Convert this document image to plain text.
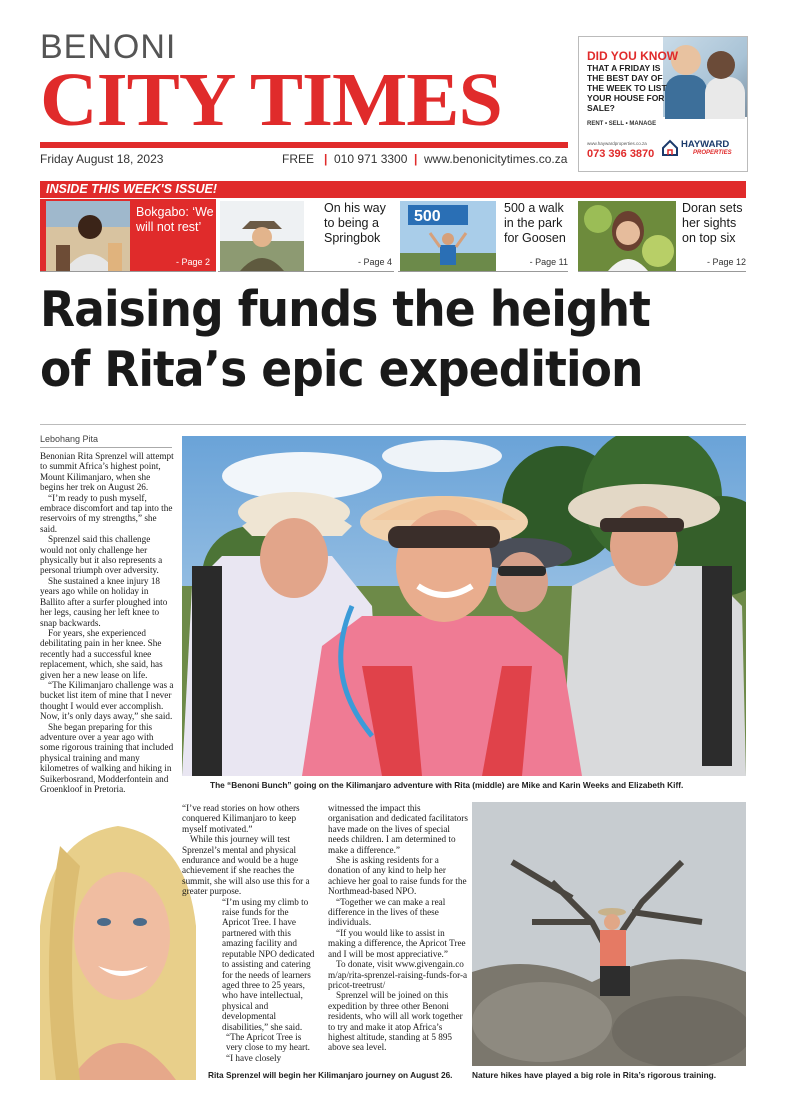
BENONI
CITY TIMES
Friday August 18, 2023	FREE | 010 971 3300 | www.benonicitytimes.co.za
DID YOU KNOW
THAT A FRIDAY IS THE BEST DAY OF THE WEEK TO LIST YOUR HOUSE FOR SALE?
RENT • SELL • MANAGE
www.haywardproperties.co.za
073 396 3870
HAYWARD
PROPERTIES
INSIDE THIS WEEK'S ISSUE!
Bokgabo: ‘We will not rest’
- Page 2
On his way to being a Springbok
- Page 4
500	500 a walk in the park for Goosen
- Page 11
Doran sets her sights on top six
- Page 12
Raising funds the height
of Rita’s epic expedition
Lebohang Pita

Benonian Rita Sprenzel will attempt to summit Africa’s highest point, Mount Kilimanjaro, when she begins her trek on August 26.

“I’m ready to push myself, embrace discomfort and tap into the reservoirs of my strengths,” she said.

Sprenzel said this challenge would not only challenge her physically but it also represents a personal triumph over adversity.

She sustained a knee injury 18 years ago while on holiday in Ballito after a surfer ploughed into her legs, causing her left knee to snap backwards.

For years, she experienced debilitating pain in her knee. She recently had a successful knee replacement, which, she said, has given her a new lease on life.

“The Kilimanjaro challenge was a bucket list item of mine that I never thought I would ever accomplish. Now, it’s only days away,” she said.

She began preparing for this adventure over a year ago with some rigorous training that included physical training and many kilometres of walking and hiking in Suikerbosrand, Modderfontein and Groenkloof in Pretoria.	The “Benoni Bunch” going on the Kilimanjaro adventure with Rita (middle) are Mike and Karin Weeks and Elizabeth Kiff.
Rita Sprenzel will begin her Kilimanjaro journey on August 26.

“I’ve read stories on how others conquered Kilimanjaro to keep myself motivated.”

While this journey will test Sprenzel’s mental and physical endurance and would be a huge achievement if she reaches the summit, she will also use this for a greater purpose.

“I’m using my climb to raise funds for the Apricot Tree. I have partnered with this amazing facility and reputable NPO dedicated to assisting and catering for the needs of learners aged three to 25 years, who have intellectual, physical and developmental disabilities,” she said.

“The Apricot Tree is very close to my heart. “I have closely

witnessed the impact this organisation and dedicated facilitators have made on the lives of special needs children. I am determined to make a difference.”

She is asking residents for a donation of any kind to help her achieve her goal to raise funds for the Northmead-based NPO.

“Together we can make a real difference in the lives of these individuals.

“If you would like to assist in making a difference, the Apricot Tree and I will be most appreciative.”

To donate, visit www.givengain.com/ap/rita-sprenzel-raising-funds-for-apricot-treetrust/

Sprenzel will be joined on this expedition by three other Benoni residents, who will all work together to try and make it atop Africa’s highest altitude, standing at 5 895 above sea level.

Nature hikes have played a big role in Rita’s rigorous training.
